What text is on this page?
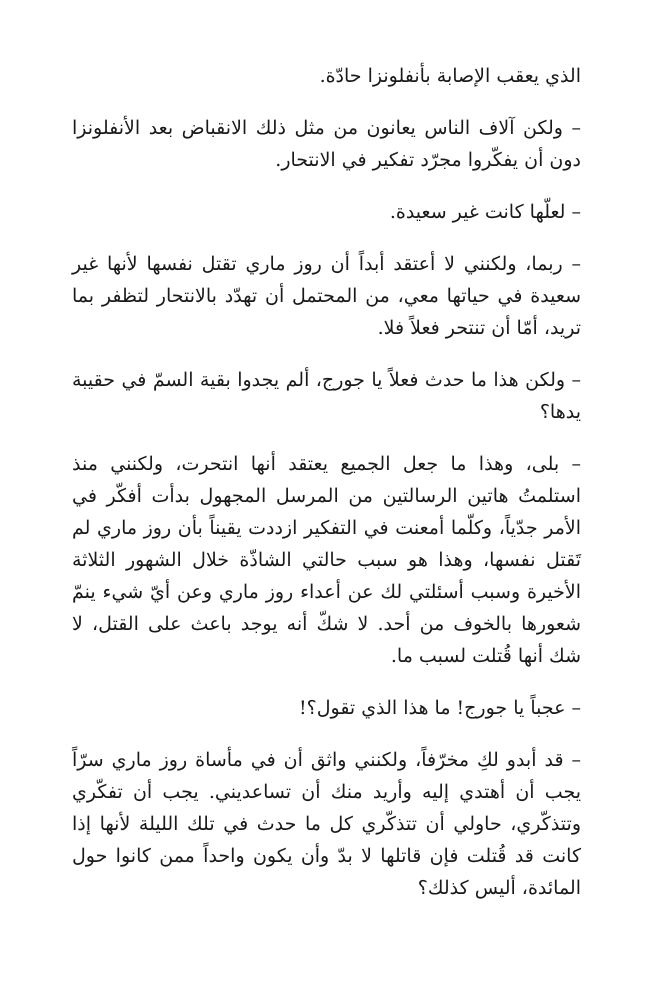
الذي يعقب الإصابة بأنفلونزا حادّة.

– ولكن آلاف الناس يعانون من مثل ذلك الانقباض بعد الأنفلونزا دون أن يفكّروا مجرّد تفكير في الانتحار.

– لعلّها كانت غير سعيدة.

– ربما، ولكنني لا أعتقد أبداً أن روز ماري تقتل نفسها لأنها غير سعيدة في حياتها معي، من المحتمل أن تهدّد بالانتحار لتظفر بما تريد، أمّا أن تنتحر فعلاً فلا.

– ولكن هذا ما حدث فعلاً يا جورج، ألم يجدوا بقية السمّ في حقيبة يدها؟

– بلى، وهذا ما جعل الجميع يعتقد أنها انتحرت، ولكنني منذ استلمتُ هاتين الرسالتين من المرسل المجهول بدأت أفكّر في الأمر جدّياً، وكلّما أمعنت في التفكير ازددت يقيناً بأن روز ماري لم تَقتل نفسها، وهذا هو سبب حالتي الشاذّة خلال الشهور الثلاثة الأخيرة وسبب أسئلتي لك عن أعداء روز ماري وعن أيّ شيء ينمّ شعورها بالخوف من أحد. لا شكّ أنه يوجد باعث على القتل، لا شك أنها قُتلت لسبب ما.

– عجباً يا جورج! ما هذا الذي تقول؟!

– قد أبدو لكِ مخرّفاً، ولكنني واثق أن في مأساة روز ماري سرّاً يجب أن أهتدي إليه وأريد منك أن تساعديني. يجب أن تفكّري وتتذكّري، حاولي أن تتذكّري كل ما حدث في تلك الليلة لأنها إذا كانت قد قُتلت فإن قاتلها لا بدّ وأن يكون واحداً ممن كانوا حول المائدة، أليس كذلك؟
